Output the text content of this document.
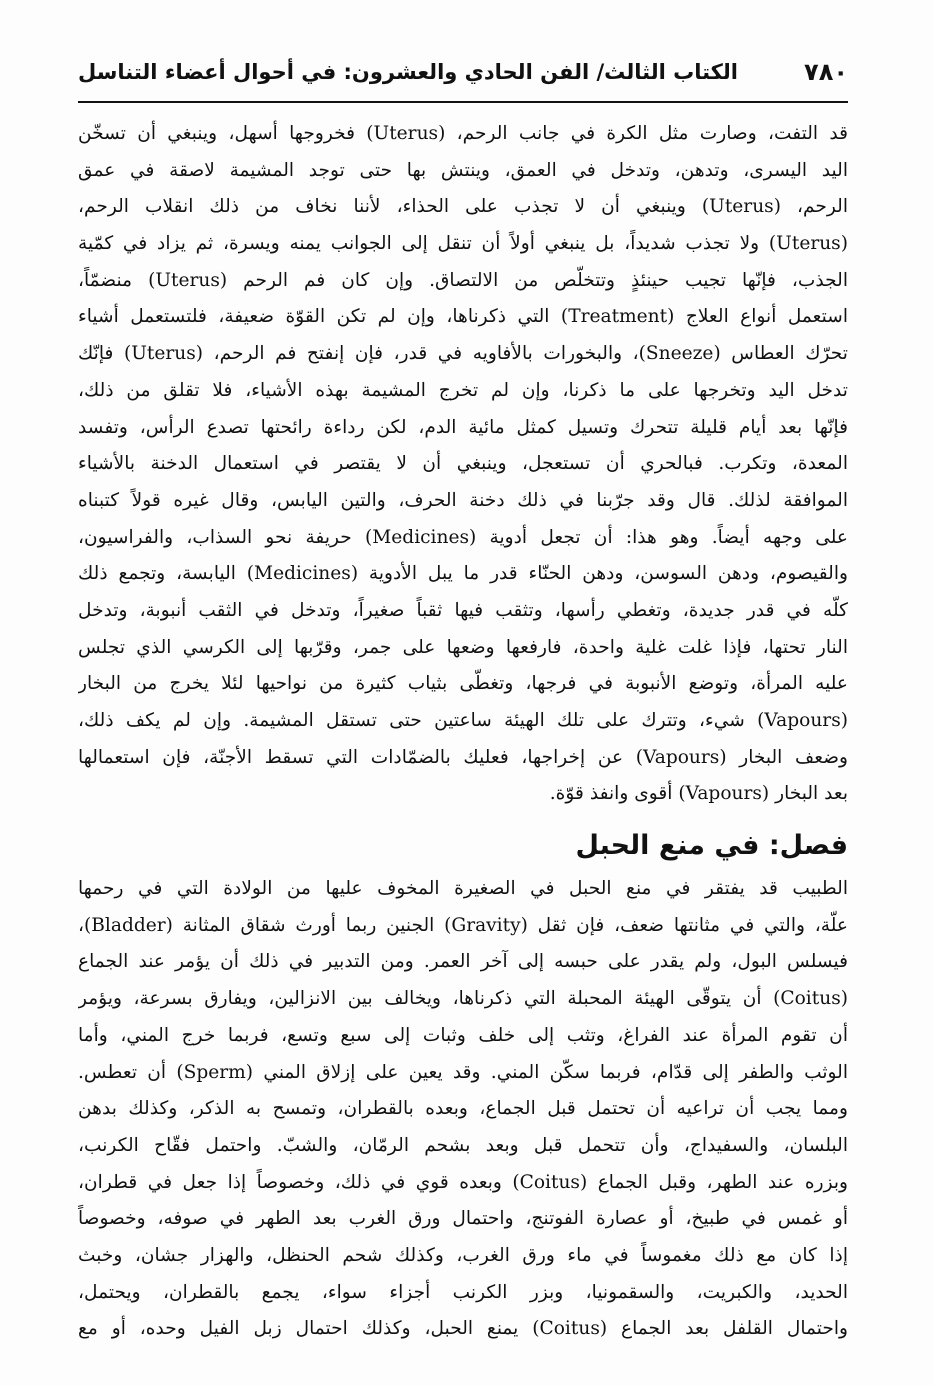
٧٨٠
الكتاب الثالث/ الفن الحادي والعشرون: في أحوال أعضاء التناسل
قد التفت، وصارت مثل الكرة في جانب الرحم، (Uterus) فخروجها أسهل، وينبغي أن تسخّن
اليد اليسرى، وتدهن، وتدخل في العمق، وينتش بها حتى توجد المشيمة لاصقة في عمق
الرحم، (Uterus) وينبغي أن لا تجذب على الحذاء، لأننا نخاف من ذلك انقلاب الرحم،
(Uterus) ولا تجذب شديداً، بل ينبغي أولاً أن تنقل إلى الجوانب يمنه ويسرة، ثم يزاد في كمّية
الجذب، فإنّها تجيب حينئذٍ وتتخلّص من الالتصاق. وإن كان فم الرحم (Uterus) منضمّاً،
استعمل أنواع العلاج (Treatment) التي ذكرناها، وإن لم تكن القوّة ضعيفة، فلتستعمل أشياء
تحرّك العطاس (Sneeze)، والبخورات بالأفاويه في قدر، فإن إنفتح فم الرحم، (Uterus) فإنّك
تدخل اليد وتخرجها على ما ذكرنا، وإن لم تخرج المشيمة بهذه الأشياء، فلا تقلق من ذلك،
فإنّها بعد أيام قليلة تتحرك وتسيل كمثل مائية الدم، لكن رداءة رائحتها تصدع الرأس، وتفسد
المعدة، وتكرب. فبالحري أن تستعجل، وينبغي أن لا يقتصر في استعمال الدخنة بالأشياء
الموافقة لذلك. قال وقد جرّبنا في ذلك دخنة الحرف، والتين اليابس، وقال غيره قولاً كتبناه
على وجهه أيضاً. وهو هذا: أن تجعل أدوية (Medicines) حريفة نحو السذاب، والفراسيون،
والقيصوم، ودهن السوسن، ودهن الحنّاء قدر ما يبل الأدوية (Medicines) اليابسة، وتجمع ذلك
كلّه في قدر جديدة، وتغطي رأسها، وتثقب فيها ثقباً صغيراً، وتدخل في الثقب أنبوبة، وتدخل
النار تحتها، فإذا غلت غلية واحدة، فارفعها وضعها على جمر، وقرّبها إلى الكرسي الذي تجلس
عليه المرأة، وتوضع الأنبوبة في فرجها، وتغطّى بثياب كثيرة من نواحيها لئلا يخرج من البخار
(Vapours) شيء، وتترك على تلك الهيئة ساعتين حتى تستقل المشيمة. وإن لم يكف ذلك،
وضعف البخار (Vapours) عن إخراجها، فعليك بالضمّادات التي تسقط الأجنّة، فإن استعمالها
بعد البخار (Vapours) أقوى وانفذ قوّة.
فصل: في منع الحبل
الطبيب قد يفتقر في منع الحبل في الصغيرة المخوف عليها من الولادة التي في رحمها
علّة، والتي في مثانتها ضعف، فإن ثقل (Gravity) الجنين ربما أورث شقاق المثانة (Bladder)،
فيسلس البول، ولم يقدر على حبسه إلى آخر العمر. ومن التدبير في ذلك أن يؤمر عند الجماع
(Coitus) أن يتوقّى الهيئة المحبلة التي ذكرناها، ويخالف بين الانزالين، ويفارق بسرعة، ويؤمر
أن تقوم المرأة عند الفراغ، وتثب إلى خلف وثبات إلى سبع وتسع، فربما خرج المني، وأما
الوثب والطفر إلى قدّام، فربما سكّن المني. وقد يعين على إزلاق المني (Sperm) أن تعطس.
ومما يجب أن تراعيه أن تحتمل قبل الجماع، وبعده بالقطران، وتمسح به الذكر، وكذلك بدهن
البلسان، والسفيداج، وأن تتحمل قبل وبعد بشحم الرمّان، والشبّ. واحتمل فقّاح الكرنب،
وبزره عند الطهر، وقبل الجماع (Coitus) وبعده قوي في ذلك، وخصوصاً إذا جعل في قطران،
أو غمس في طبيخ، أو عصارة الفوتنج، واحتمال ورق الغرب بعد الطهر في صوفه، وخصوصاً
إذا كان مع ذلك مغموساً في ماء ورق الغرب، وكذلك شحم الحنظل، والهزار جشان، وخبث
الحديد، والكبريت، والسقمونيا، وبزر الكرنب أجزاء سواء، يجمع بالقطران، ويحتمل،
واحتمال القلفل بعد الجماع (Coitus) يمنع الحبل، وكذلك احتمال زبل الفيل وحده، أو مع
